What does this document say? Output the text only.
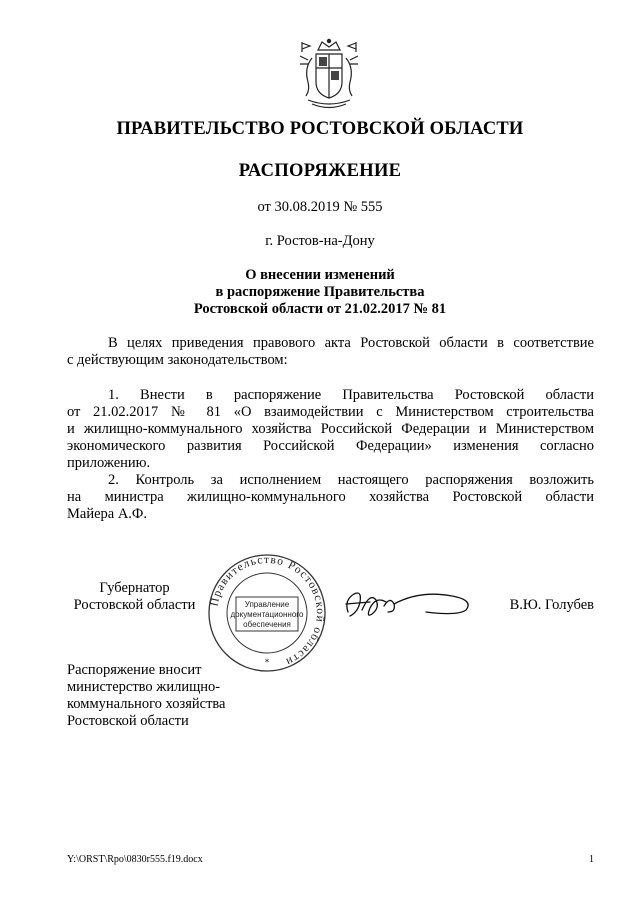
ПРАВИТЕЛЬСТВО РОСТОВСКОЙ ОБЛАСТИ
РАСПОРЯЖЕНИЕ
от 30.08.2019 № 555
г. Ростов-на-Дону
О внесении изменений
в распоряжение Правительства
Ростовской области от 21.02.2017 № 81
В целях приведения правового акта Ростовской области в соответствие
с действующим законодательством:
1. Внести в распоряжение Правительства Ростовской области
от 21.02.2017 № 81 «О взаимодействии с Министерством строительства
и жилищно-коммунального хозяйства Российской Федерации и Министерством
экономического развития Российской Федерации» изменения согласно
приложению.
2. Контроль за исполнением настоящего распоряжения возложить
на министра жилищно-коммунального хозяйства Ростовской области
Майера А.Ф.
Губернатор
Ростовской области	Правительство Ростовской области
Управление
документационного
обеспечения
*
В.Ю. Голубев
Распоряжение вносит
министерство жилищно-
коммунального хозяйства
Ростовской области
Y:\ORST\Rpo\0830r555.f19.docx	1
